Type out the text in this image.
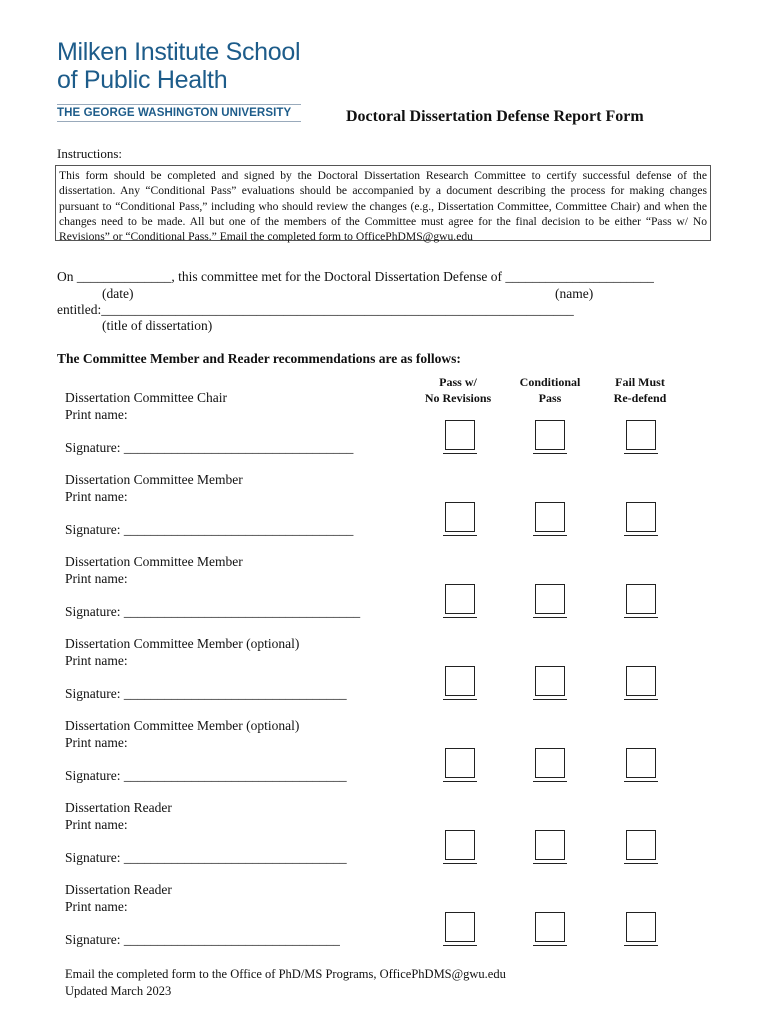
Milken Institute School
of Public Health
THE GEORGE WASHINGTON UNIVERSITY	Doctoral Dissertation Defense Report Form
Instructions:
This form should be completed and signed by the Doctoral Dissertation Research Committee to certify successful defense of the dissertation. Any “Conditional Pass” evaluations should be accompanied by a document describing the process for making changes pursuant to “Conditional Pass,” including who should review the changes (e.g., Dissertation Committee, Committee Chair) and when the changes need to be made. All but one of the members of the Committee must agree for the final decision to be either “Pass w/ No Revisions” or “Conditional Pass.” Email the completed form to OfficePhDMS@gwu.edu
On ______________, this committee met for the Doctoral Dissertation Defense of ______________________
(date)	(name)
entitled:______________________________________________________________________
(title of dissertation)
The Committee Member and Reader recommendations are as follows:
Pass w/
No Revisions
Conditional
Pass
Fail Must
Re-defend
Dissertation Committee Chair
Print name:
Signature: __________________________________
Dissertation Committee Member
Print name:
Signature: __________________________________
Dissertation Committee Member
Print name:
Signature: ___________________________________
Dissertation Committee Member (optional)
Print name:
Signature: _________________________________
Dissertation Committee Member (optional)
Print name:
Signature: _________________________________
Dissertation Reader
Print name:
Signature: _________________________________
Dissertation Reader
Print name:
Signature: ________________________________
Email the completed form to the Office of PhD/MS Programs, OfficePhDMS@gwu.edu
Updated March 2023
